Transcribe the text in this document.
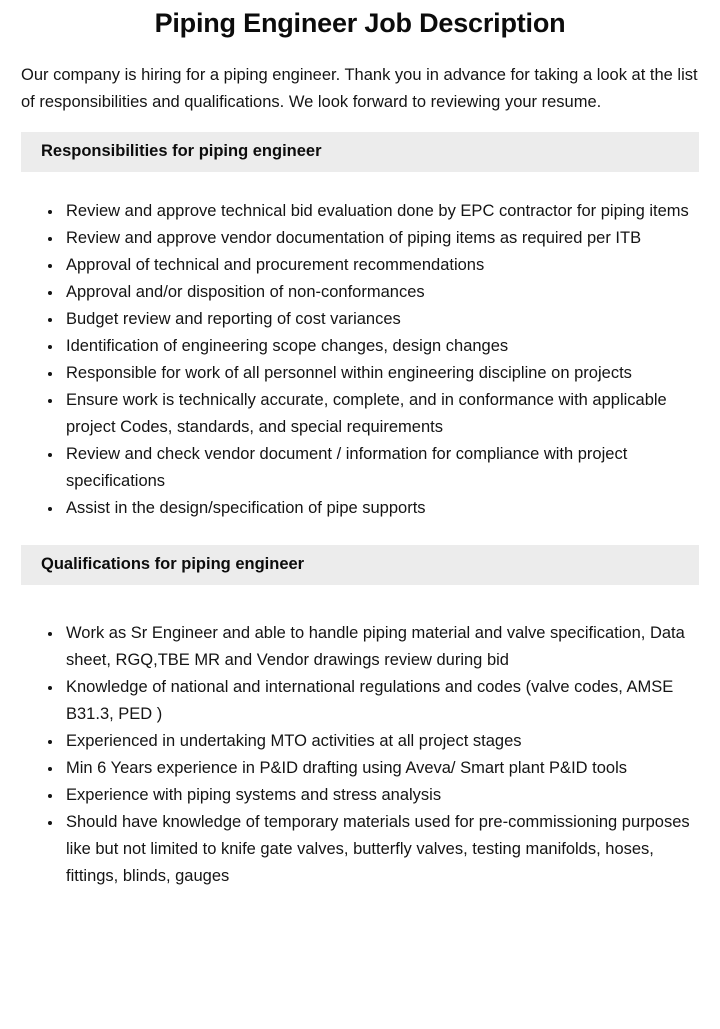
Piping Engineer Job Description

Our company is hiring for a piping engineer. Thank you in advance for taking a look at the list of responsibilities and qualifications. We look forward to reviewing your resume.

Responsibilities for piping engineer
• Review and approve technical bid evaluation done by EPC contractor for piping items
• Review and approve vendor documentation of piping items as required per ITB
• Approval of technical and procurement recommendations
• Approval and/or disposition of non-conformances
• Budget review and reporting of cost variances
• Identification of engineering scope changes, design changes
• Responsible for work of all personnel within engineering discipline on projects
• Ensure work is technically accurate, complete, and in conformance with applicable project Codes, standards, and special requirements
• Review and check vendor document / information for compliance with project specifications
• Assist in the design/specification of pipe supports
Qualifications for piping engineer
• Work as Sr Engineer and able to handle piping material and valve specification, Data sheet, RGQ,TBE MR and Vendor drawings review during bid
• Knowledge of national and international regulations and codes (valve codes, AMSE B31.3, PED )
• Experienced in undertaking MTO activities at all project stages
• Min 6 Years experience in P&ID drafting using Aveva/ Smart plant P&ID tools
• Experience with piping systems and stress analysis
• Should have knowledge of temporary materials used for pre-commissioning purposes like but not limited to knife gate valves, butterfly valves, testing manifolds, hoses, fittings, blinds, gauges
